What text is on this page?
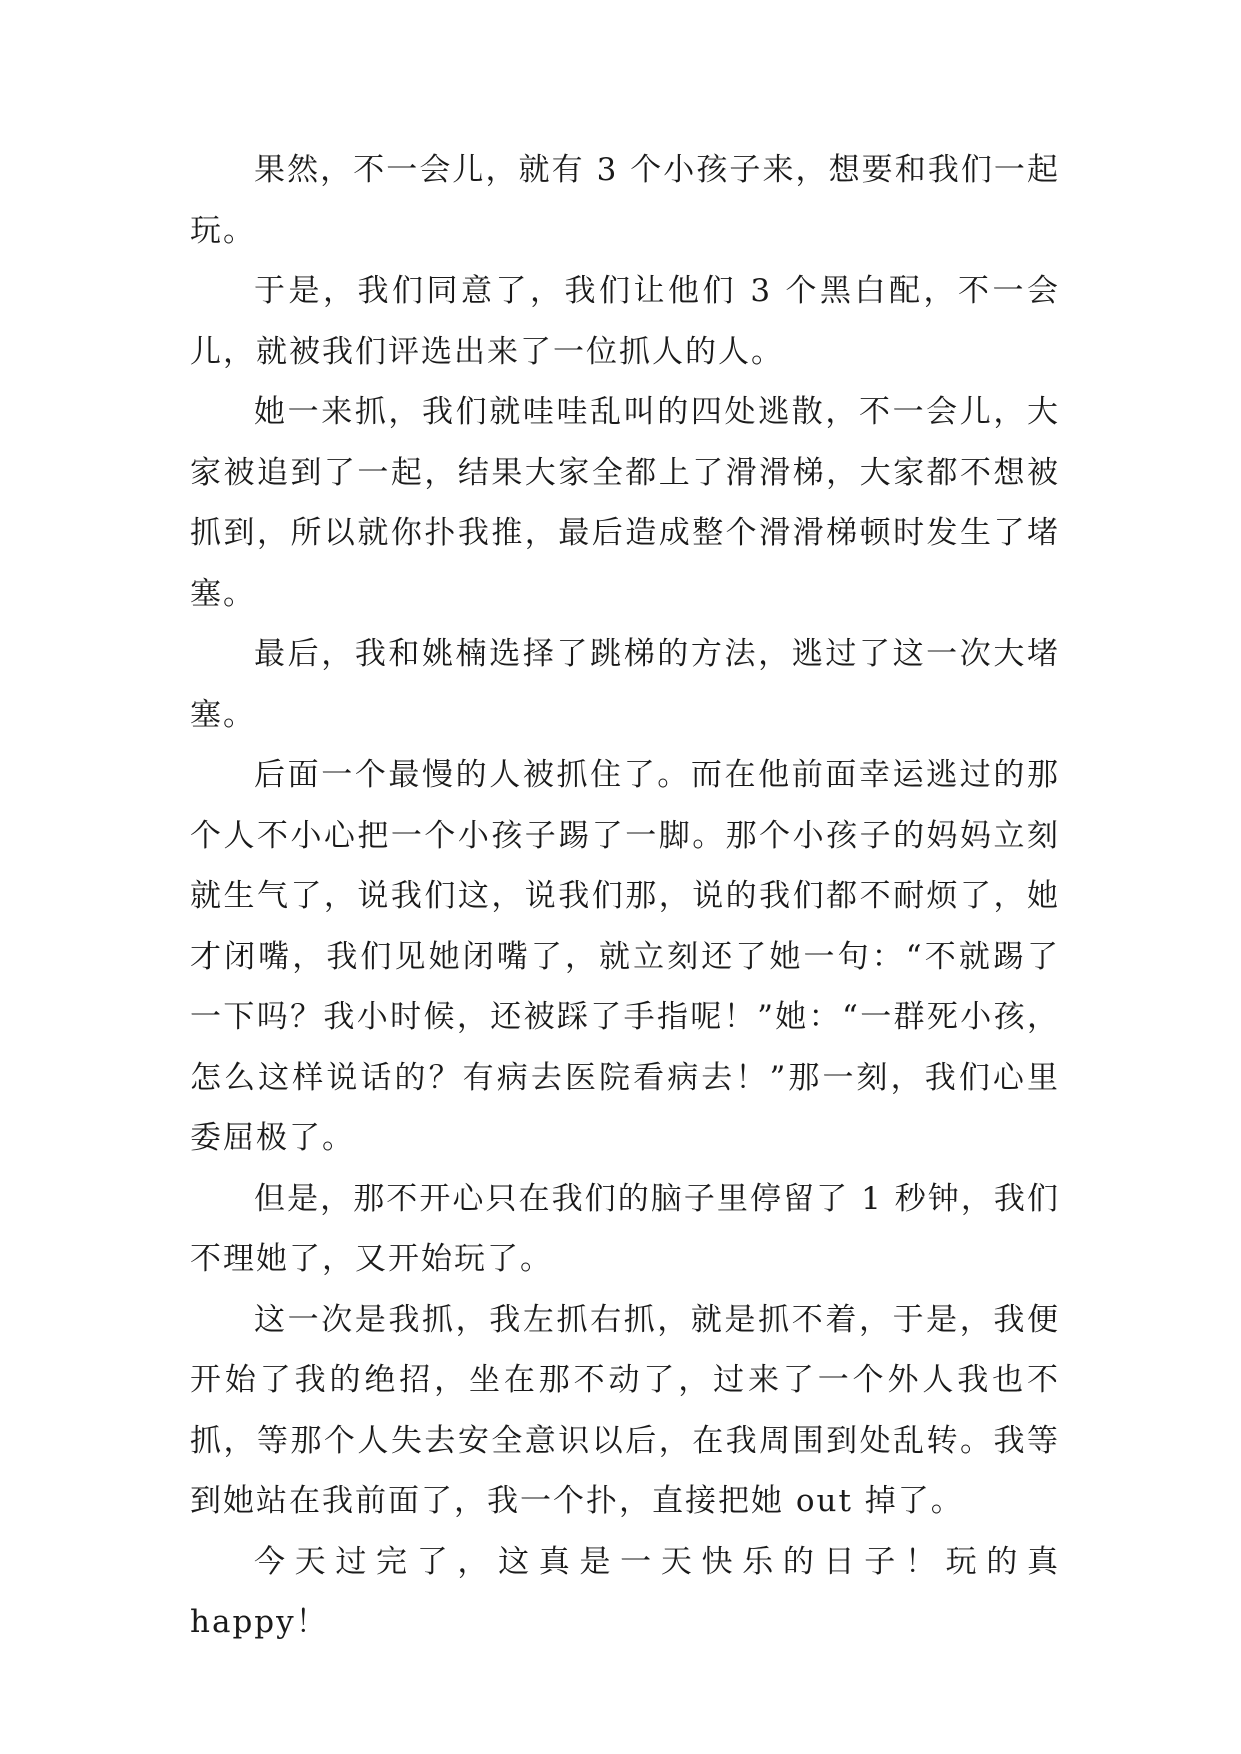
果然，不一会儿，就有 3 个小孩子来，想要和我们一起玩。

于是，我们同意了，我们让他们 3 个黑白配，不一会儿，就被我们评选出来了一位抓人的人。

她一来抓，我们就哇哇乱叫的四处逃散，不一会儿，大家被追到了一起，结果大家全都上了滑滑梯，大家都不想被抓到，所以就你扑我推，最后造成整个滑滑梯顿时发生了堵塞。

最后，我和姚楠选择了跳梯的方法，逃过了这一次大堵塞。

后面一个最慢的人被抓住了。而在他前面幸运逃过的那个人不小心把一个小孩子踢了一脚。那个小孩子的妈妈立刻就生气了，说我们这，说我们那，说的我们都不耐烦了，她才闭嘴，我们见她闭嘴了，就立刻还了她一句：“不就踢了一下吗？我小时候，还被踩了手指呢！”她：“一群死小孩，怎么这样说话的？有病去医院看病去！”那一刻，我们心里委屈极了。

但是，那不开心只在我们的脑子里停留了 1 秒钟，我们不理她了，又开始玩了。

这一次是我抓，我左抓右抓，就是抓不着，于是，我便开始了我的绝招，坐在那不动了，过来了一个外人我也不抓，等那个人失去安全意识以后，在我周围到处乱转。我等到她站在我前面了，我一个扑，直接把她 out 掉了。

今天过完了，这真是一天快乐的日子！玩的真 happy！
